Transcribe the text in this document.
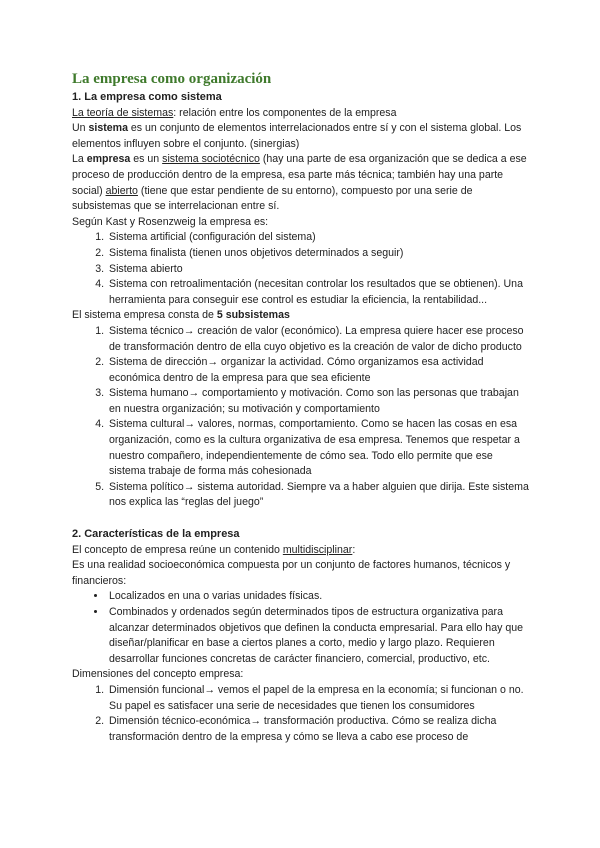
La empresa como organización
1. La empresa como sistema

La teoría de sistemas: relación entre los componentes de la empresa

Un sistema es un conjunto de elementos interrelacionados entre sí y con el sistema global. Los elementos influyen sobre el conjunto. (sinergias)

La empresa es un sistema sociotécnico (hay una parte de esa organización que se dedica a ese proceso de producción dentro de la empresa, esa parte más técnica; también hay una parte social) abierto (tiene que estar pendiente de su entorno), compuesto por una serie de subsistemas que se interrelacionan entre sí.

Según Kast y Rosenzweig la empresa es:

1. Sistema artificial (configuración del sistema)
2. Sistema finalista (tienen unos objetivos determinados a seguir)
3. Sistema abierto
4. Sistema con retroalimentación (necesitan controlar los resultados que se obtienen). Una herramienta para conseguir ese control es estudiar la eficiencia, la rentabilidad...

El sistema empresa consta de 5 subsistemas

1. Sistema técnico→ creación de valor (económico). La empresa quiere hacer ese proceso de transformación dentro de ella cuyo objetivo es la creación de valor de dicho producto
2. Sistema de dirección→ organizar la actividad. Cómo organizamos esa actividad económica dentro de la empresa para que sea eficiente
3. Sistema humano→ comportamiento y motivación. Como son las personas que trabajan en nuestra organización; su motivación y comportamiento
4. Sistema cultural→ valores, normas, comportamiento. Como se hacen las cosas en esa organización, como es la cultura organizativa de esa empresa. Tenemos que respetar a nuestro compañero, independientemente de cómo sea. Todo ello permite que ese sistema trabaje de forma más cohesionada
5. Sistema político→ sistema autoridad. Siempre va a haber alguien que dirija. Este sistema nos explica las “reglas del juego”
2. Características de la empresa

El concepto de empresa reúne un contenido multidisciplinar:

Es una realidad socioeconómica compuesta por un conjunto de factores humanos, técnicos y financieros:

• Localizados en una o varias unidades físicas.
• Combinados y ordenados según determinados tipos de estructura organizativa para alcanzar determinados objetivos que definen la conducta empresarial. Para ello hay que diseñar/planificar en base a ciertos planes a corto, medio y largo plazo. Requieren desarrollar funciones concretas de carácter financiero, comercial, productivo, etc.

Dimensiones del concepto empresa:

1. Dimensión funcional→ vemos el papel de la empresa en la economía; si funcionan o no. Su papel es satisfacer una serie de necesidades que tienen los consumidores
2. Dimensión técnico-económica→ transformación productiva. Cómo se realiza dicha transformación dentro de la empresa y cómo se lleva a cabo ese proceso de
